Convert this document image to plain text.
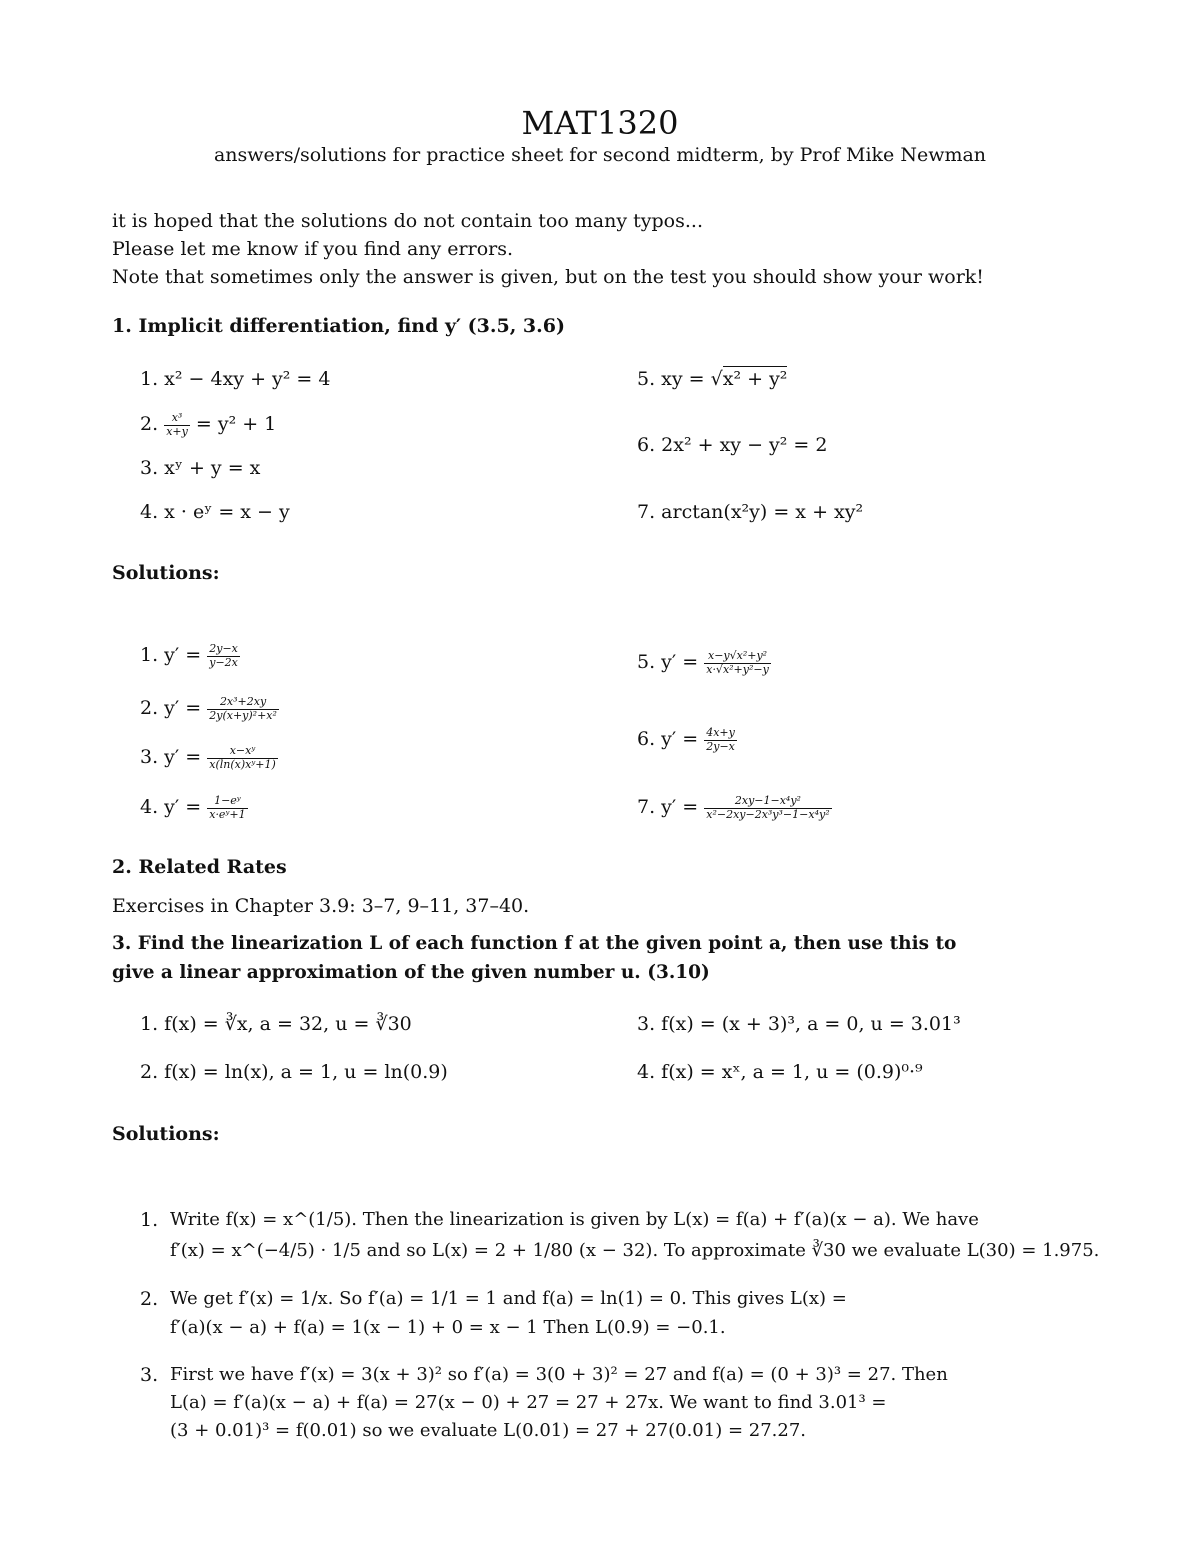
MAT1320
answers/solutions for practice sheet for second midterm, by Prof Mike Newman
it is hoped that the solutions do not contain too many typos...
Please let me know if you find any errors.
Note that sometimes only the answer is given, but on the test you should show your work!
1. Implicit differentiation, find y′ (3.5, 3.6)
1. x² − 4xy + y² = 4
2. $\frac{\text{x³}}{x+y} = y^2 + 1$
3. xʸ + y = x
4. x · eʸ = x − y
5. xy = √x² + y²
6. 2x² + xy − y² = 2
7. arctan(x²y) = x + xy²
Solutions:
1. $y' = \frac{2y-x}{y-2x}$
2. $y' = \frac{\text{2x³+2xy}}{\text{2y(x+y)²+x²}}$
3. $y' = \frac{\text{x−xʸ}}{\text{x(ln(x)xʸ+1)}}$
4. $y' = \frac{\text{1−eʸ}}{\text{x·eʸ+1}}$
5. $y' = \frac{\text{x−y√x²+y²}}{\text{x·√x²+y²−y}}$
6. $y' = \frac{4x+y}{2y-x}$
7. $y' = \frac{\text{2xy−1−x⁴y²}}{\text{x²−2xy−2x³y³−1−x⁴y²}}$
2. Related Rates
Exercises in Chapter 3.9: 3–7, 9–11, 37–40.
3. Find the linearization L of each function f at the given point a, then use this to
give a linear approximation of the given number u. (3.10)
1. f(x) = ∛x, a = 32, u = ∛30
2. f(x) = ln(x), a = 1, u = ln(0.9)
3. f(x) = (x + 3)³, a = 0, u = 3.01³
4. f(x) = xˣ, a = 1, u = (0.9)⁰·⁹
Solutions:
1. Write f(x) = x^(1/5). Then the linearization is given by L(x) = f(a) + f′(a)(x − a). We have
f′(x) = x^(−4/5) · 1/5 and so L(x) = 2 + 1/80 (x − 32). To approximate ∛30 we evaluate L(30) = 1.975.
2. We get f′(x) = 1/x. So f′(a) = 1/1 = 1 and f(a) = ln(1) = 0. This gives L(x) =
f′(a)(x − a) + f(a) = 1(x − 1) + 0 = x − 1 Then L(0.9) = −0.1.
3. First we have f′(x) = 3(x + 3)² so f′(a) = 3(0 + 3)² = 27 and f(a) = (0 + 3)³ = 27. Then
L(a) = f′(a)(x − a) + f(a) = 27(x − 0) + 27 = 27 + 27x. We want to find 3.01³ =
(3 + 0.01)³ = f(0.01) so we evaluate L(0.01) = 27 + 27(0.01) = 27.27.
